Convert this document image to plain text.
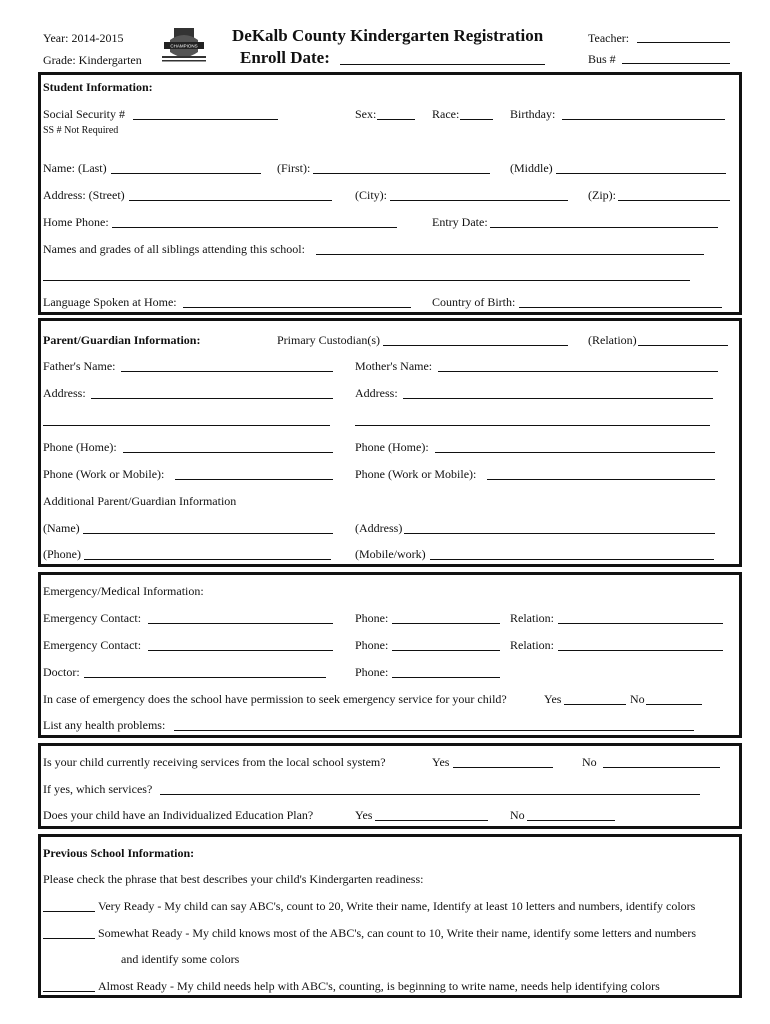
Year: 2014-2015
Grade: Kindergarten
CHAMPIONS
DeKalb County Kindergarten Registration
Enroll Date:
Teacher:
Bus #
Student Information:
Social Security #
SS # Not Required
Sex:	Race:	Birthday:
Name: (Last)	(First):	(Middle)
Address: (Street)	(City):	(Zip):
Home Phone:	Entry Date:
Names and grades of all siblings attending this school:
Language Spoken at Home:	Country of Birth:
Parent/Guardian Information:	Primary Custodian(s)	(Relation)
Father's Name:	Mother's Name:
Address:	Address:
Phone (Home):	Phone (Home):
Phone (Work or Mobile):	Phone (Work or Mobile):
Additional Parent/Guardian Information
(Name)	(Address)
(Phone)	(Mobile/work)
Emergency/Medical Information:
Emergency Contact:	Phone:	Relation:
Emergency Contact:	Phone:	Relation:
Doctor:	Phone:
In case of emergency does the school have permission to seek emergency service for your child?	Yes	No
List any health problems:
Is your child currently receiving services from the local school system?	Yes	No
If yes, which services?
Does your child have an Individualized Education Plan?	Yes	No
Previous School Information:
Please check the phrase that best describes your child's Kindergarten readiness:
Very Ready - My child can say ABC's, count to 20, Write their name, Identify at least 10 letters and numbers, identify colors
Somewhat Ready - My child knows most of the ABC's, can count to 10, Write their name, identify some letters and numbers
and identify some colors
Almost Ready - My child needs help with ABC's, counting, is beginning to write name, needs help identifying colors
